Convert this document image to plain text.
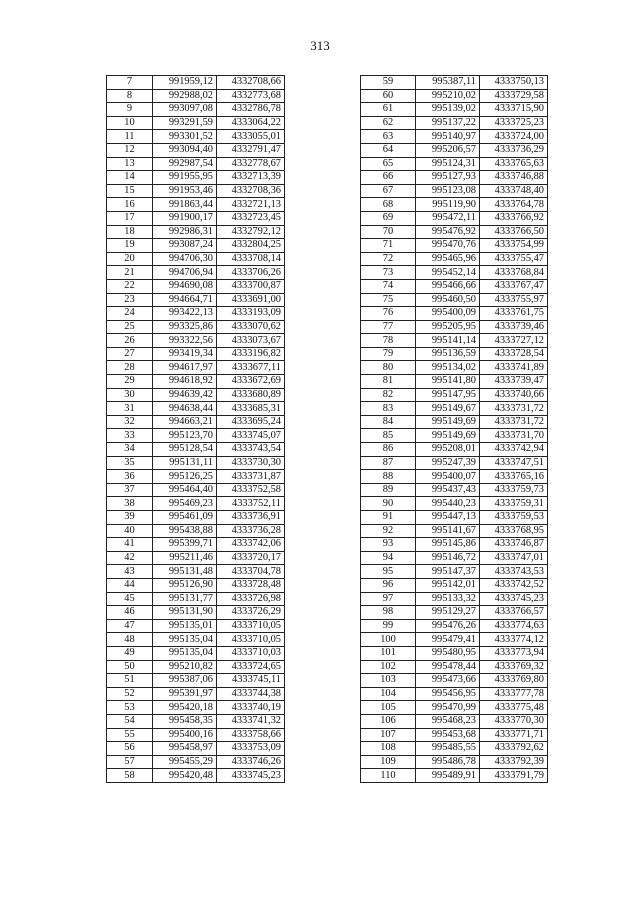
313
7	991959,12	4332708,66
8	992988,02	4332773,68
9	993097,08	4332786,78
10	993291,59	4333064,22
11	993301,52	4333055,01
12	993094,40	4332791,47
13	992987,54	4332778,67
14	991955,95	4332713,39
15	991953,46	4332708,36
16	991863,44	4332721,13
17	991900,17	4332723,45
18	992986,31	4332792,12
19	993087,24	4332804,25
20	994706,30	4333708,14
21	994706,94	4333706,26
22	994690,08	4333700,87
23	994664,71	4333691,00
24	993422,13	4333193,09
25	993325,86	4333070,62
26	993322,56	4333073,67
27	993419,34	4333196,82
28	994617,97	4333677,11
29	994618,92	4333672,69
30	994639,42	4333680,89
31	994638,44	4333685,31
32	994663,21	4333695,24
33	995123,70	4333745,07
34	995128,54	4333743,54
35	995131,11	4333730,30
36	995126,25	4333731,87
37	995464,40	4333752,58
38	995469,23	4333752,11
39	995461,09	4333736,91
40	995438,88	4333736,28
41	995399,71	4333742,06
42	995211,46	4333720,17
43	995131,48	4333704,78
44	995126,90	4333728,48
45	995131,77	4333726,98
46	995131,90	4333726,29
47	995135,01	4333710,05
48	995135,04	4333710,05
49	995135,04	4333710,03
50	995210,82	4333724,65
51	995387,06	4333745,11
52	995391,97	4333744,38
53	995420,18	4333740,19
54	995458,35	4333741,32
55	995400,16	4333758,66
56	995458,97	4333753,09
57	995455,29	4333746,26
58	995420,48	4333745,23
59	995387,11	4333750,13
60	995210,02	4333729,58
61	995139,02	4333715,90
62	995137,22	4333725,23
63	995140,97	4333724,00
64	995206,57	4333736,29
65	995124,31	4333765,63
66	995127,93	4333746,88
67	995123,08	4333748,40
68	995119,90	4333764,78
69	995472,11	4333766,92
70	995476,92	4333766,50
71	995470,76	4333754,99
72	995465,96	4333755,47
73	995452,14	4333768,84
74	995466,66	4333767,47
75	995460,50	4333755,97
76	995400,09	4333761,75
77	995205,95	4333739,46
78	995141,14	4333727,12
79	995136,59	4333728,54
80	995134,02	4333741,89
81	995141,80	4333739,47
82	995147,95	4333740,66
83	995149,67	4333731,72
84	995149,69	4333731,72
85	995149,69	4333731,70
86	995208,01	4333742,94
87	995247,39	4333747,51
88	995400,07	4333765,16
89	995437,43	4333759,73
90	995440,23	4333759,31
91	995447,13	4333759,53
92	995141,67	4333768,95
93	995145,86	4333746,87
94	995146,72	4333747,01
95	995147,37	4333743,53
96	995142,01	4333742,52
97	995133,32	4333745,23
98	995129,27	4333766,57
99	995476,26	4333774,63
100	995479,41	4333774,12
101	995480,95	4333773,94
102	995478,44	4333769,32
103	995473,66	4333769,80
104	995456,95	4333777,78
105	995470,99	4333775,48
106	995468,23	4333770,30
107	995453,68	4333771,71
108	995485,55	4333792,62
109	995486,78	4333792,39
110	995489,91	4333791,79
